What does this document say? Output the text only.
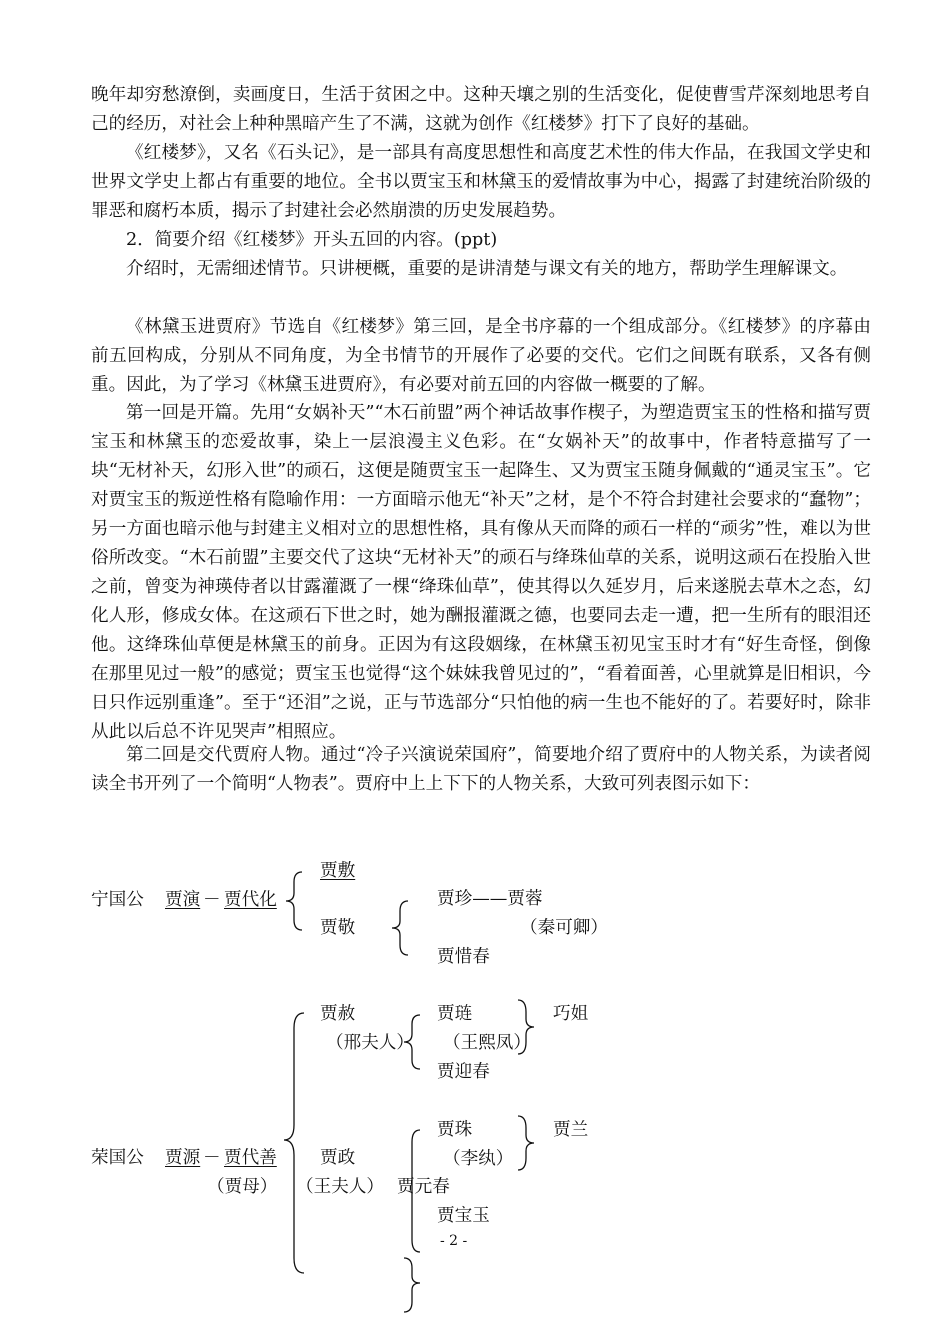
晚年却穷愁潦倒，卖画度日，生活于贫困之中。这种天壤之别的生活变化，促使曹雪芹深刻地思考自己的经历，对社会上种种黑暗产生了不满，这就为创作《红楼梦》打下了良好的基础。

《红楼梦》，又名《石头记》，是一部具有高度思想性和高度艺术性的伟大作品，在我国文学史和世界文学史上都占有重要的地位。全书以贾宝玉和林黛玉的爱情故事为中心，揭露了封建统治阶级的罪恶和腐朽本质，揭示了封建社会必然崩溃的历史发展趋势。

2．简要介绍《红楼梦》开头五回的内容。(ppt)

介绍时，无需细述情节。只讲梗概，重要的是讲清楚与课文有关的地方，帮助学生理解课文。

《林黛玉进贾府》节选自《红楼梦》第三回，是全书序幕的一个组成部分。《红楼梦》的序幕由前五回构成，分别从不同角度，为全书情节的开展作了必要的交代。它们之间既有联系，又各有侧重。因此，为了学习《林黛玉进贾府》，有必要对前五回的内容做一概要的了解。

第一回是开篇。先用“女娲补天”“木石前盟”两个神话故事作楔子，为塑造贾宝玉的性格和描写贾宝玉和林黛玉的恋爱故事，染上一层浪漫主义色彩。在“女娲补天”的故事中，作者特意描写了一块“无材补天，幻形入世”的顽石，这便是随贾宝玉一起降生、又为贾宝玉随身佩戴的“通灵宝玉”。它对贾宝玉的叛逆性格有隐喻作用：一方面暗示他无“补天”之材，是个不符合封建社会要求的“蠢物”；另一方面也暗示他与封建主义相对立的思想性格，具有像从天而降的顽石一样的“顽劣”性，难以为世俗所改变。“木石前盟”主要交代了这块“无材补天”的顽石与绛珠仙草的关系，说明这顽石在投胎入世之前，曾变为神瑛侍者以甘露灌溉了一棵“绛珠仙草”，使其得以久延岁月，后来遂脱去草木之态，幻化人形，修成女体。在这顽石下世之时，她为酬报灌溉之德，也要同去走一遭，把一生所有的眼泪还他。这绛珠仙草便是林黛玉的前身。正因为有这段姻缘，在林黛玉初见宝玉时才有“好生奇怪，倒像在那里见过一般”的感觉；贾宝玉也觉得“这个妹妹我曾见过的”，“看着面善，心里就算是旧相识，今日只作远别重逢”。至于“还泪”之说，正与节选部分“只怕他的病一生也不能好的了。若要好时，除非从此以后总不许见哭声”相照应。

第二回是交代贾府人物。通过“冷子兴演说荣国府”，简要地介绍了贾府中的人物关系，为读者阅读全书开列了一个简明“人物表”。贾府中上上下下的人物关系，大致可列表图示如下：

宁国公 贾演 － 贾代化
贾敷
贾敬
贾珍——贾蓉
（秦可卿）
贾惜春
荣国公 贾源 － 贾代善
（贾母）
贾赦
（邢夫人）
贾琏
（王熙凤）
巧姐
贾迎春
贾政
（王夫人）
贾珠
（李纨）
贾兰
贾元春
贾宝玉
- 2 -
